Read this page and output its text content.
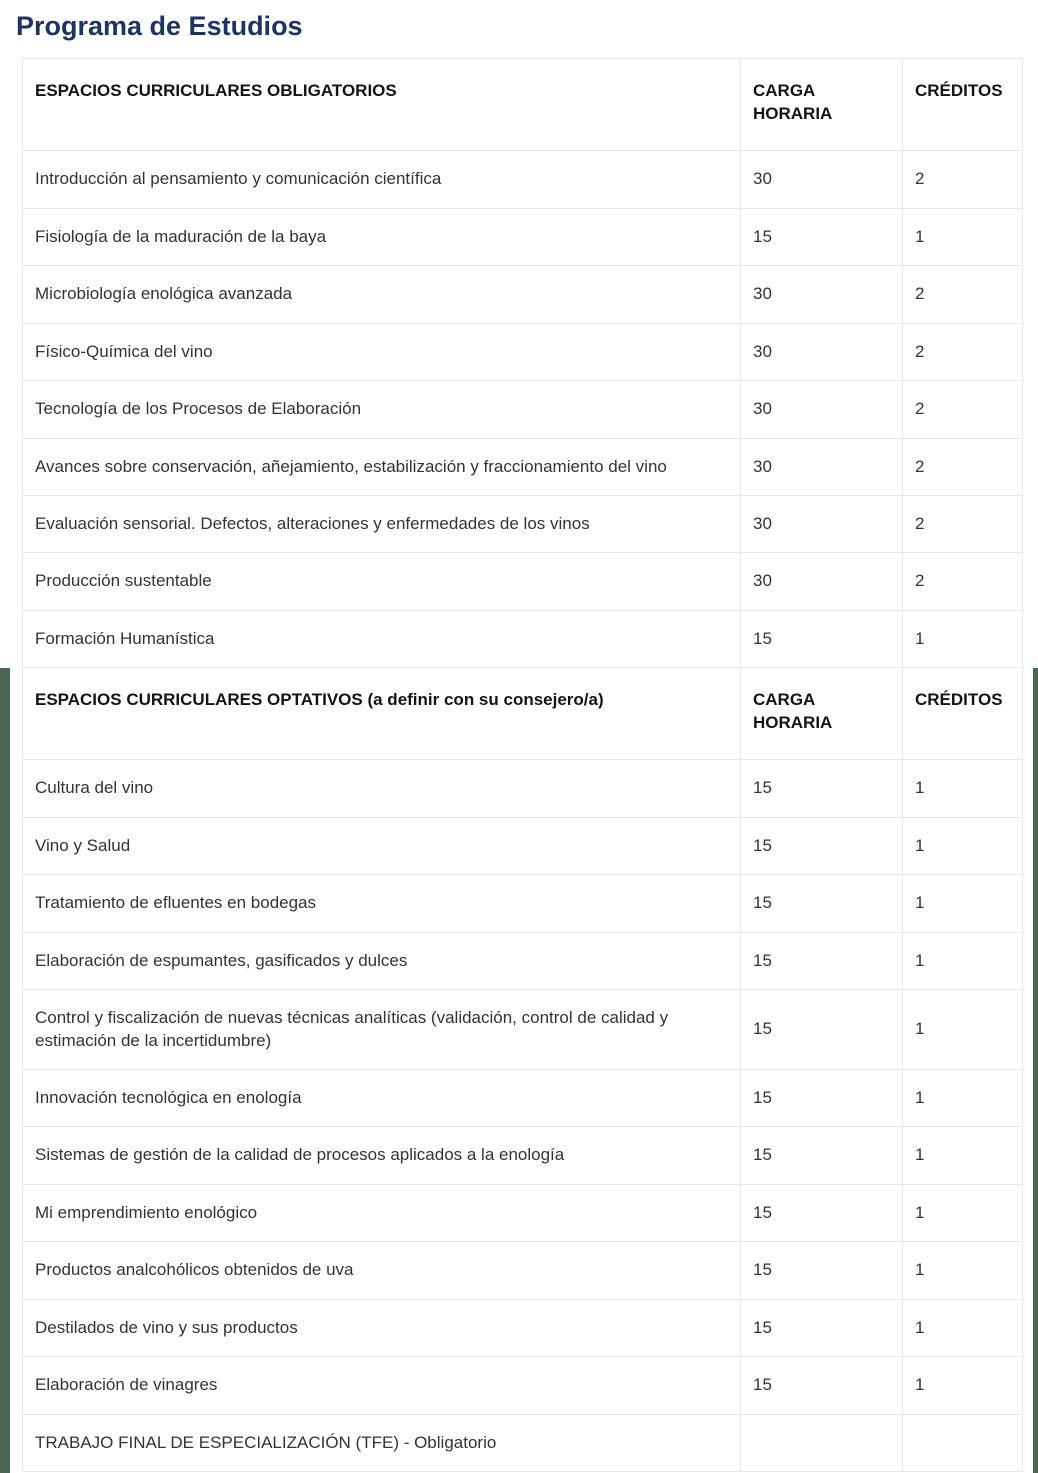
Programa de Estudios
ESPACIOS CURRICULARES OBLIGATORIOS	CARGA HORARIA	CRÉDITOS
Introducción al pensamiento y comunicación científica	30	2
Fisiología de la maduración de la baya	15	1
Microbiología enológica avanzada	30	2
Físico-Química del vino	30	2
Tecnología de los Procesos de Elaboración	30	2
Avances sobre conservación, añejamiento, estabilización y fraccionamiento del vino	30	2
Evaluación sensorial. Defectos, alteraciones y enfermedades de los vinos	30	2
Producción sustentable	30	2
Formación Humanística	15	1
ESPACIOS CURRICULARES OPTATIVOS (a definir con su consejero/a)	CARGA HORARIA	CRÉDITOS
Cultura del vino	15	1
Vino y Salud	15	1
Tratamiento de efluentes en bodegas	15	1
Elaboración de espumantes, gasificados y dulces	15	1
Control y fiscalización de nuevas técnicas analíticas (validación, control de calidad y estimación de la incertidumbre)	15	1
Innovación tecnológica en enología	15	1
Sistemas de gestión de la calidad de procesos aplicados a la enología	15	1
Mi emprendimiento enológico	15	1
Productos analcohólicos obtenidos de uva	15	1
Destilados de vino y sus productos	15	1
Elaboración de vinagres	15	1
TRABAJO FINAL DE ESPECIALIZACIÓN (TFE) - Obligatorio		
